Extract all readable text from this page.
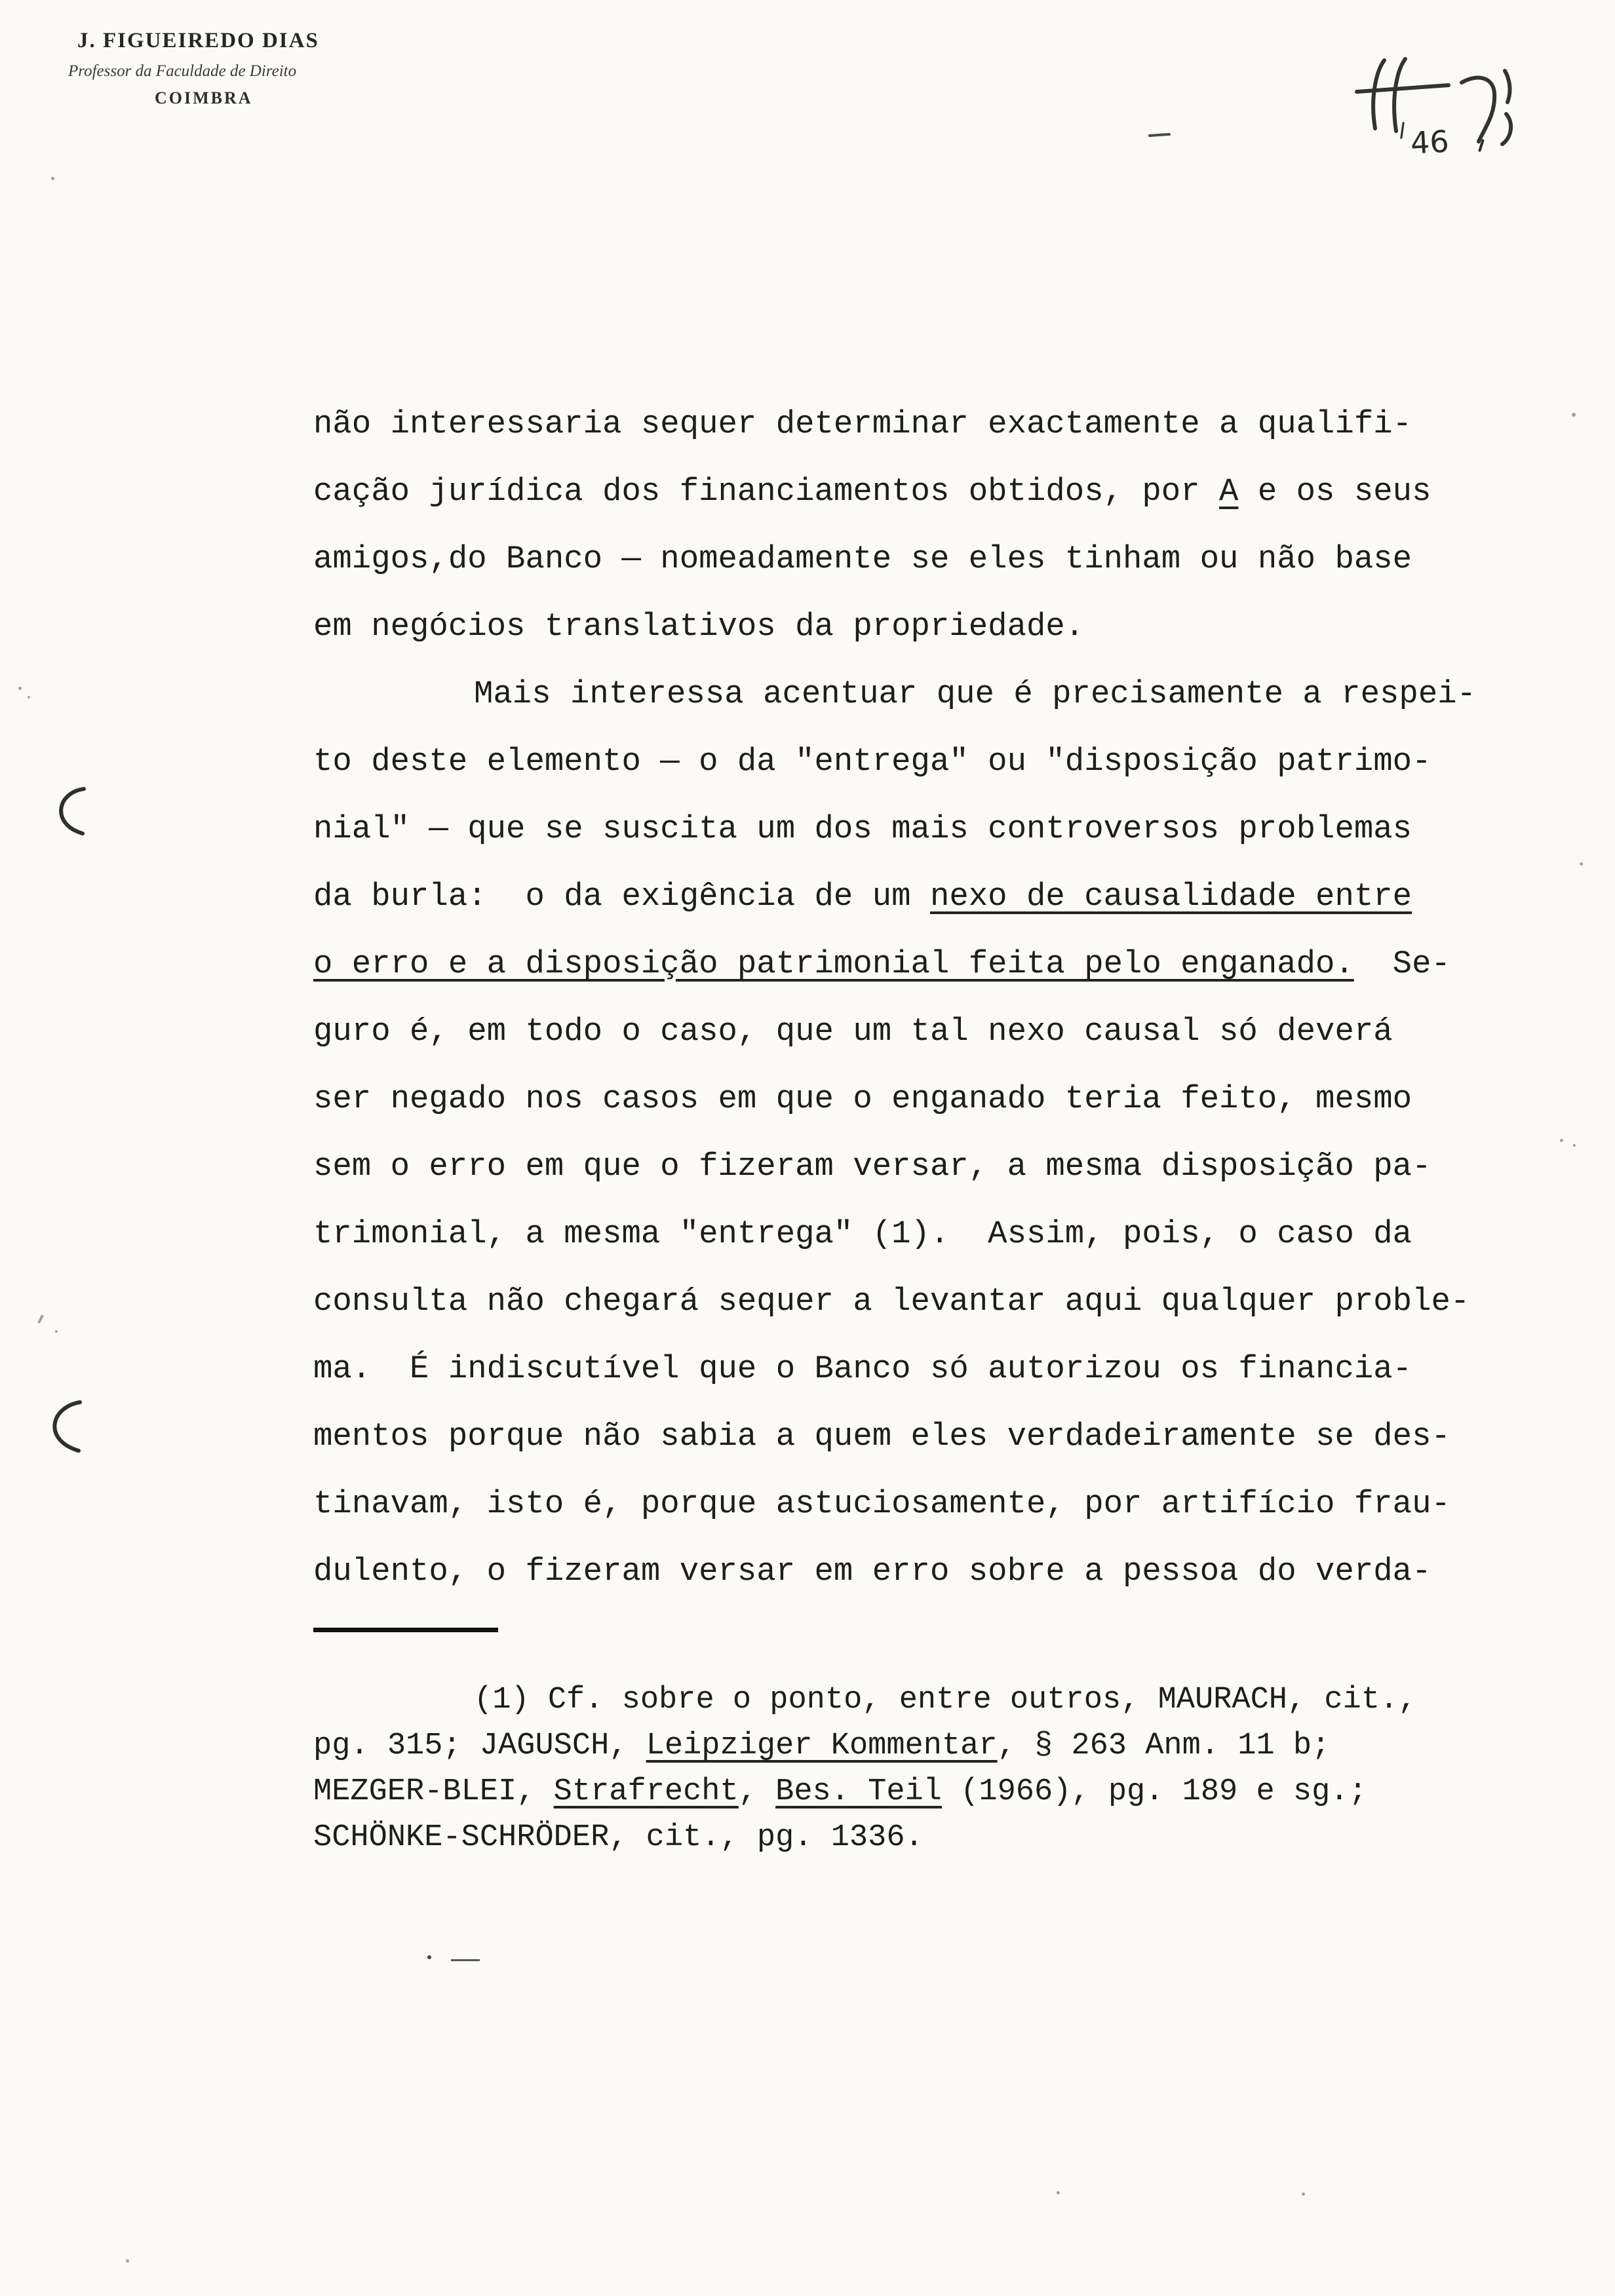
J. FIGUEIREDO DIAS
Professor da Faculdade de Direito
COIMBRA
46
não interessaria sequer determinar exactamente a qualifi-
cação jurídica dos financiamentos obtidos, por A e os seus
amigos,do Banco — nomeadamente se eles tinham ou não base
em negócios translativos da propriedade.
Mais interessa acentuar que é precisamente a respei-
to deste elemento — o da "entrega" ou "disposição patrimo-
nial" — que se suscita um dos mais controversos problemas
da burla:  o da exigência de um nexo de causalidade entre
o erro e a disposição patrimonial feita pelo enganado.  Se-
guro é, em todo o caso, que um tal nexo causal só deverá
ser negado nos casos em que o enganado teria feito, mesmo
sem o erro em que o fizeram versar, a mesma disposição pa-
trimonial, a mesma "entrega" (1).  Assim, pois, o caso da
consulta não chegará sequer a levantar aqui qualquer proble-
ma.  É indiscutível que o Banco só autorizou os financia-
mentos porque não sabia a quem eles verdadeiramente se des-
tinavam, isto é, porque astuciosamente, por artifício frau-
dulento, o fizeram versar em erro sobre a pessoa do verda-
(1) Cf. sobre o ponto, entre outros, MAURACH, cit.,
pg. 315; JAGUSCH, Leipziger Kommentar, § 263 Anm. 11 b;
MEZGER-BLEI, Strafrecht, Bes. Teil (1966), pg. 189 e sg.;
SCHÖNKE-SCHRÖDER, cit., pg. 1336.
